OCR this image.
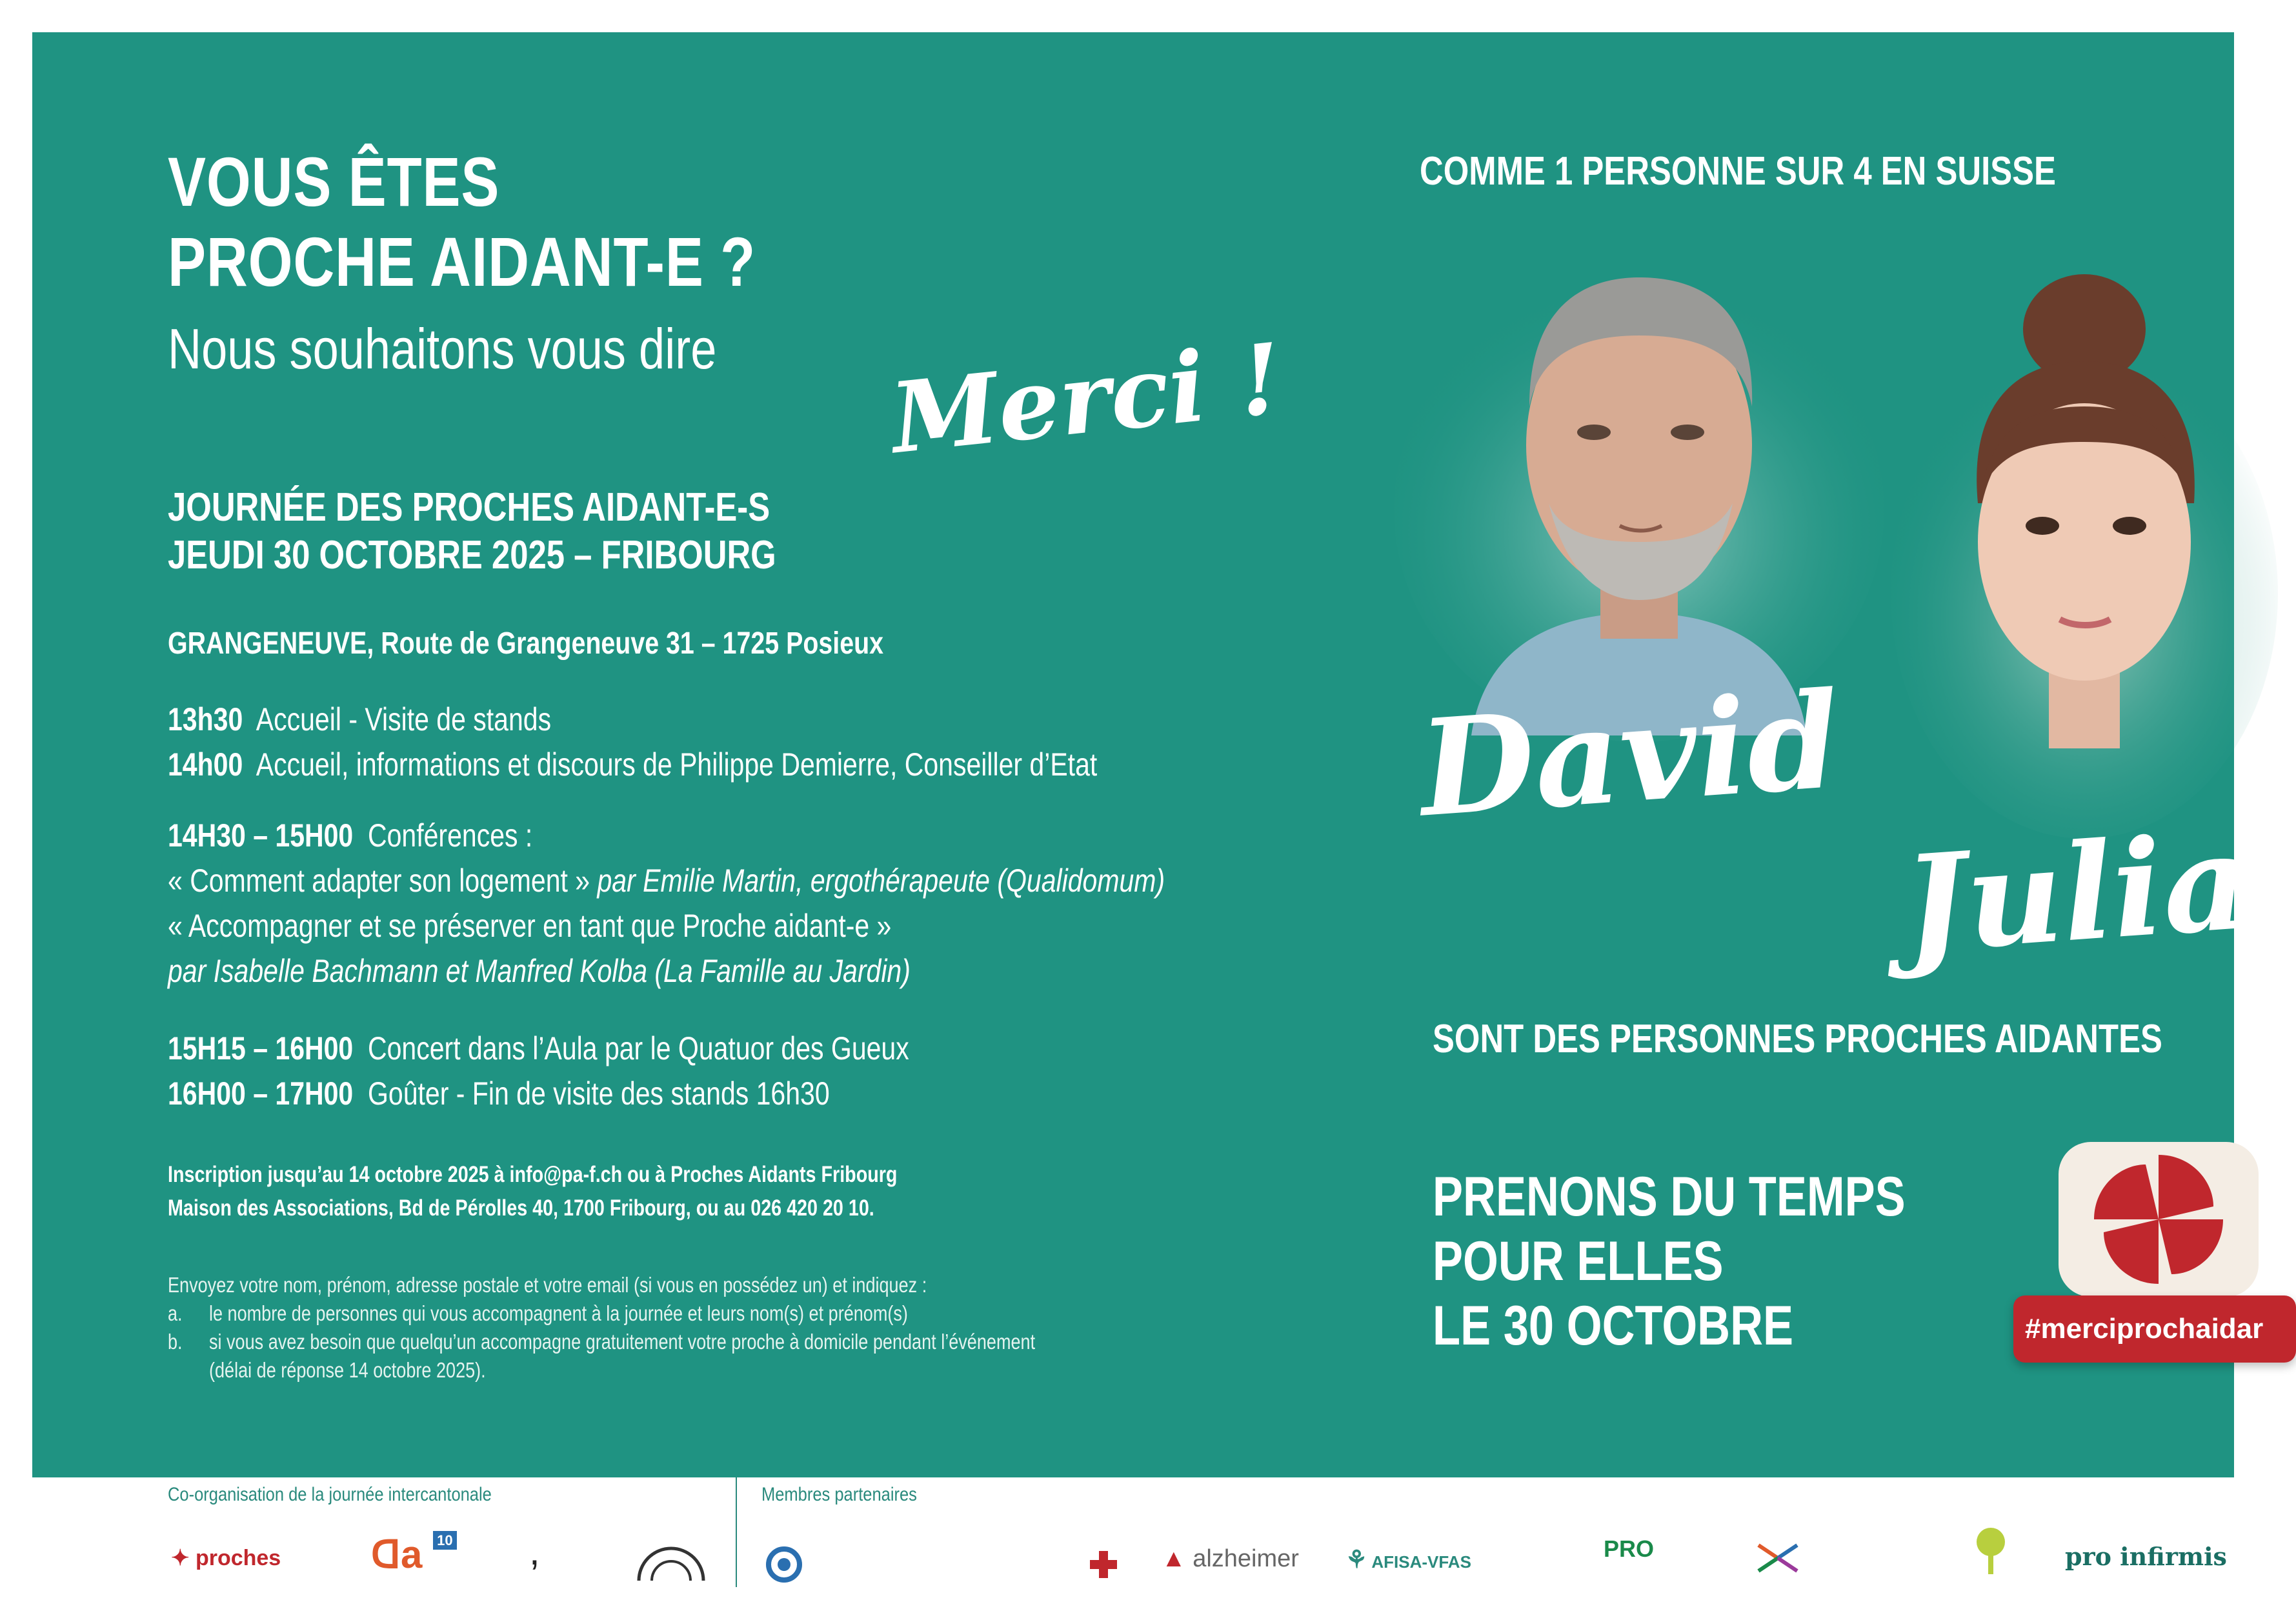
VOUS ÊTES
PROCHE AIDANT-E ?
Nous souhaitons vous dire Merci !
JOURNÉE DES PROCHES AIDANT-E-S
JEUDI 30 OCTOBRE 2025 – FRIBOURG
GRANGENEUVE, Route de Grangeneuve 31 – 1725 Posieux
13h30 Accueil - Visite de stands
14h00 Accueil, informations et discours de Philippe Demierre, Conseiller d’Etat
14H30 – 15H00 Conférences :
« Comment adapter son logement » par Emilie Martin, ergothérapeute (Qualidomum)
« Accompagner et se préserver en tant que Proche aidant-e »
par Isabelle Bachmann et Manfred Kolba (La Famille au Jardin)
15H15 – 16H00 Concert dans l’Aula par le Quatuor des Gueux
16H00 – 17H00 Goûter - Fin de visite des stands 16h30
Inscription jusqu’au 14 octobre 2025 à info@pa-f.ch ou à Proches Aidants Fribourg
Maison des Associations, Bd de Pérolles 40, 1700 Fribourg, ou au 026 420 20 10.
Envoyez votre nom, prénom, adresse postale et votre email (si vous en possédez un) et indiquez :
a.	le nombre de personnes qui vous accompagnent à la journée et leurs nom(s) et prénom(s)
b.	si vous avez besoin que quelqu’un accompagne gratuitement votre proche à domicile pendant l’événement
(délai de réponse 14 octobre 2025).
COMME 1 PERSONNE SUR 4 EN SUISSE
David
Julia
SONT DES PERSONNES PROCHES AIDANTES
PRENONS DU TEMPS
POUR ELLES
LE 30 OCTOBRE	#merciprochaidar
Co-organisation de la journée intercantonale	Membres partenaires
✦ proches ᗡa $^{10}$ ,	▲ alzheimer ⚘ AFISA-VFAS	PRO	pro infirmis
